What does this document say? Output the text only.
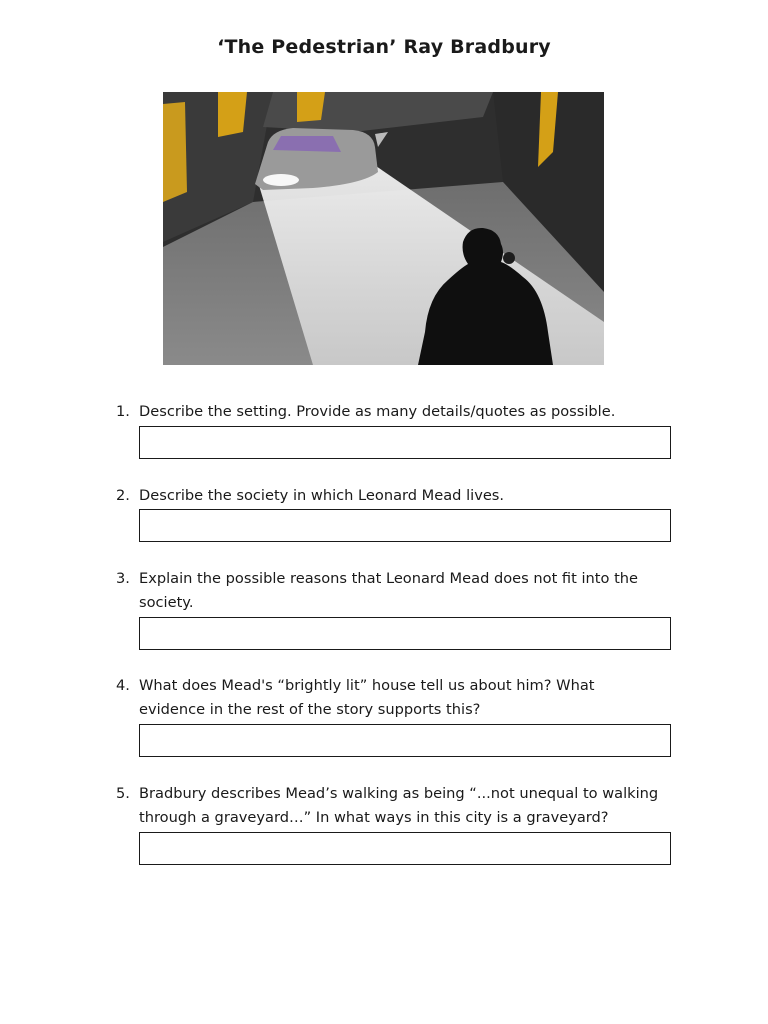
‘The Pedestrian’ Ray Bradbury
1. Describe the setting. Provide as many details/quotes as possible.
2. Describe the society in which Leonard Mead lives.
3. Explain the possible reasons that Leonard Mead does not fit into the
society.
4. What does Mead's “brightly lit” house tell us about him? What
evidence in the rest of the story supports this?
5. Bradbury describes Mead’s walking as being “...not unequal to walking
through a graveyard…” In what ways in this city is a graveyard?
